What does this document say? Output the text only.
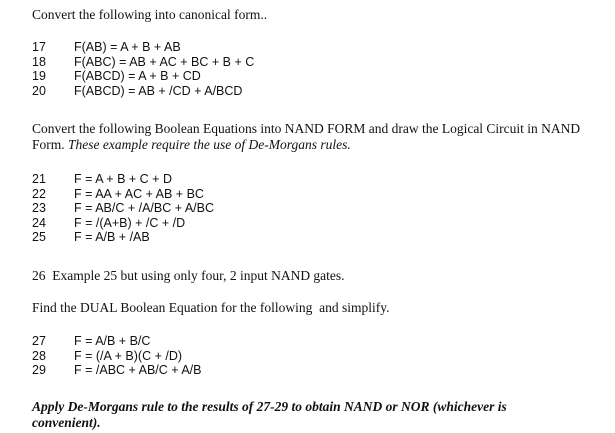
Convert the following into canonical form..
17	F(AB) = A + B + AB
18	F(ABC) = AB + AC + BC + B + C
19	F(ABCD) = A + B + CD
20	F(ABCD) = AB + /CD + A/BCD
Convert the following Boolean Equations into NAND FORM and draw the Logical Circuit in NAND Form. These example require the use of De-Morgans rules.
21	F = A + B + C + D
22	F = AA + AC + AB + BC
23	F = AB/C + /A/BC + A/BC
24	F = /(A+B) + /C + /D
25	F = A/B + /AB
26  Example 25 but using only four, 2 input NAND gates.
Find the DUAL Boolean Equation for the following  and simplify.
27	F = A/B + B/C
28	F = (/A + B)(C + /D)
29	F = /ABC + AB/C + A/B
Apply De-Morgans rule to the results of 27-29 to obtain NAND or NOR (whichever is convenient).
